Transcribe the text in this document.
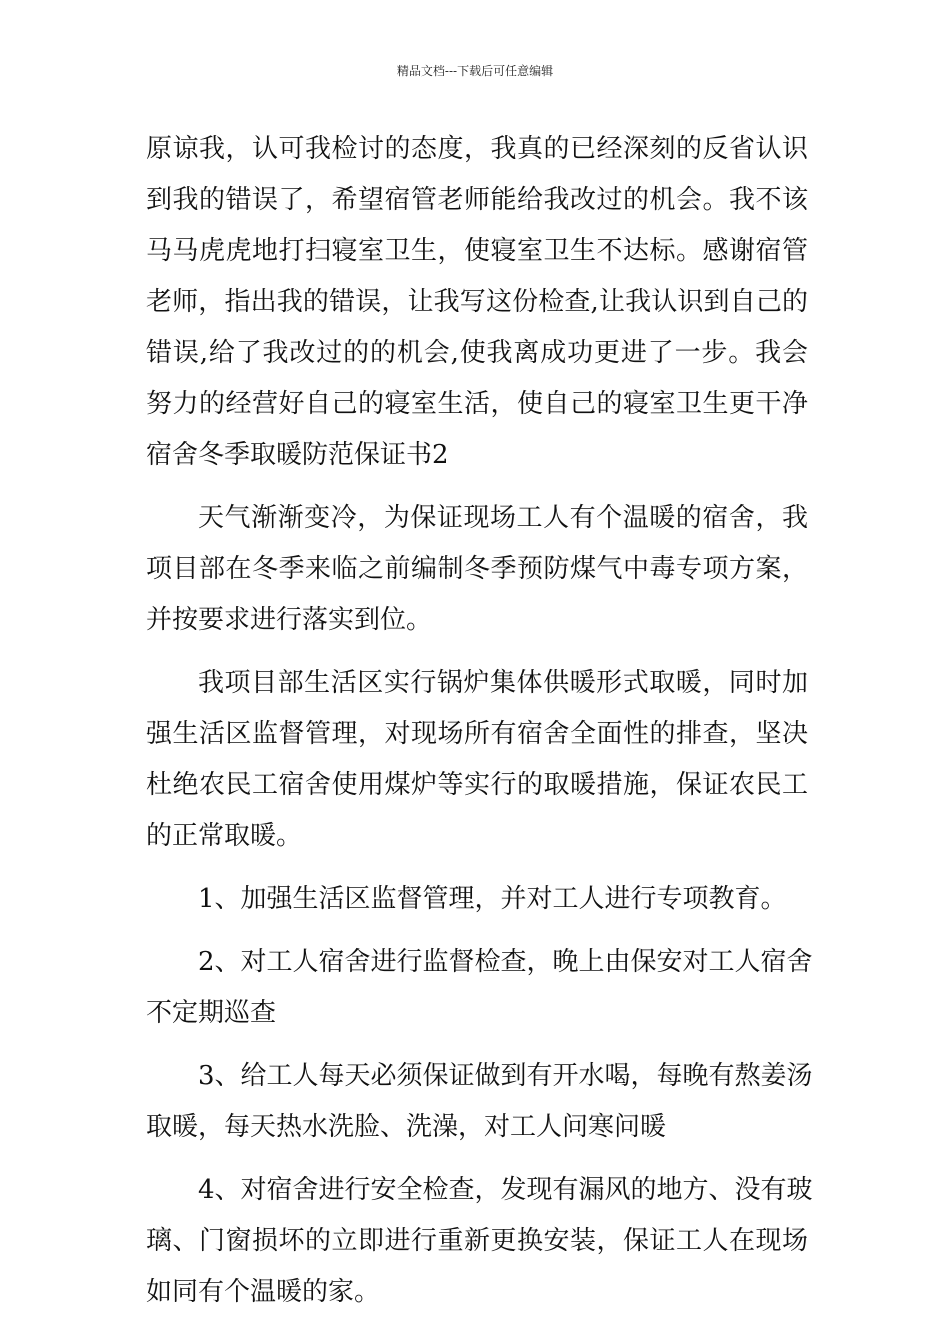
精品文档---下载后可任意编辑
原谅我，认可我检讨的态度，我真的已经深刻的反省认识
到我的错误了，希望宿管老师能给我改过的机会。我不该
马马虎虎地打扫寝室卫生，使寝室卫生不达标。感谢宿管
老师，指出我的错误，让我写这份检查,让我认识到自己的
错误,给了我改过的的机会,使我离成功更进了一步。我会
努力的经营好自己的寝室生活，使自己的寝室卫生更干净
宿舍冬季取暖防范保证书2
天气渐渐变冷，为保证现场工人有个温暖的宿舍，我
项目部在冬季来临之前编制冬季预防煤气中毒专项方案，
并按要求进行落实到位。
我项目部生活区实行锅炉集体供暖形式取暖，同时加
强生活区监督管理，对现场所有宿舍全面性的排查，坚决
杜绝农民工宿舍使用煤炉等实行的取暖措施，保证农民工
的正常取暖。
1、加强生活区监督管理，并对工人进行专项教育。
2、对工人宿舍进行监督检查，晚上由保安对工人宿舍
不定期巡查
3、给工人每天必须保证做到有开水喝，每晚有熬姜汤
取暖，每天热水洗脸、洗澡，对工人问寒问暖
4、对宿舍进行安全检查，发现有漏风的地方、没有玻
璃、门窗损坏的立即进行重新更换安装，保证工人在现场
如同有个温暖的家。
